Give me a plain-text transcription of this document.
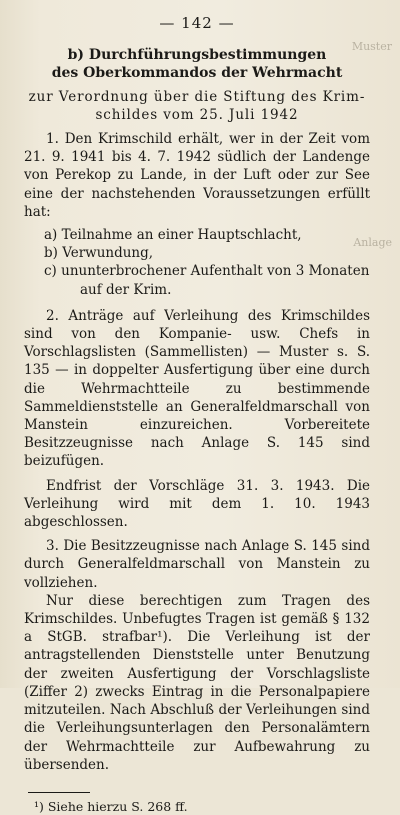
Muster
Anlage
— 142 —
b) Durchführungsbestimmungen
des Oberkommandos der Wehrmacht
zur Verordnung über die Stiftung des Krim-
schildes vom 25. Juli 1942

1. Den Krimschild erhält, wer in der Zeit vom 21. 9. 1941 bis 4. 7. 1942 südlich der Landenge von Perekop zu Lande, in der Luft oder zur See eine der nachstehenden Voraussetzungen erfüllt hat:

a) Teilnahme an einer Hauptschlacht,
b) Verwundung,
c) ununterbrochener Aufenthalt von 3 Monaten auf der Krim.

2. Anträge auf Verleihung des Krimschildes sind von den Kompanie- usw. Chefs in Vorschlagslisten (Sammellisten) — Muster s. S. 135 — in doppelter Ausfertigung über eine durch die Wehrmachtteile zu bestimmende Sammeldienststelle an Generalfeldmarschall von Manstein einzureichen. Vorbereitete Besitzzeugnisse nach Anlage S. 145 sind beizufügen.

Endfrist der Vorschläge 31. 3. 1943. Die Verleihung wird mit dem 1. 10. 1943 abgeschlossen.

3. Die Besitzzeugnisse nach Anlage S. 145 sind durch Generalfeldmarschall von Manstein zu vollziehen.

Nur diese berechtigen zum Tragen des Krimschildes. Unbefugtes Tragen ist gemäß § 132 a StGB. strafbar¹). Die Verleihung ist der antragstellenden Dienststelle unter Benutzung der zweiten Ausfertigung der Vorschlagsliste (Ziffer 2) zwecks Eintrag in die Personalpapiere mitzuteilen. Nach Abschluß der Verleihungen sind die Verleihungsunterlagen den Personalämtern der Wehrmachtteile zur Aufbewahrung zu übersenden.

¹) Siehe hierzu S. 268 ff.
